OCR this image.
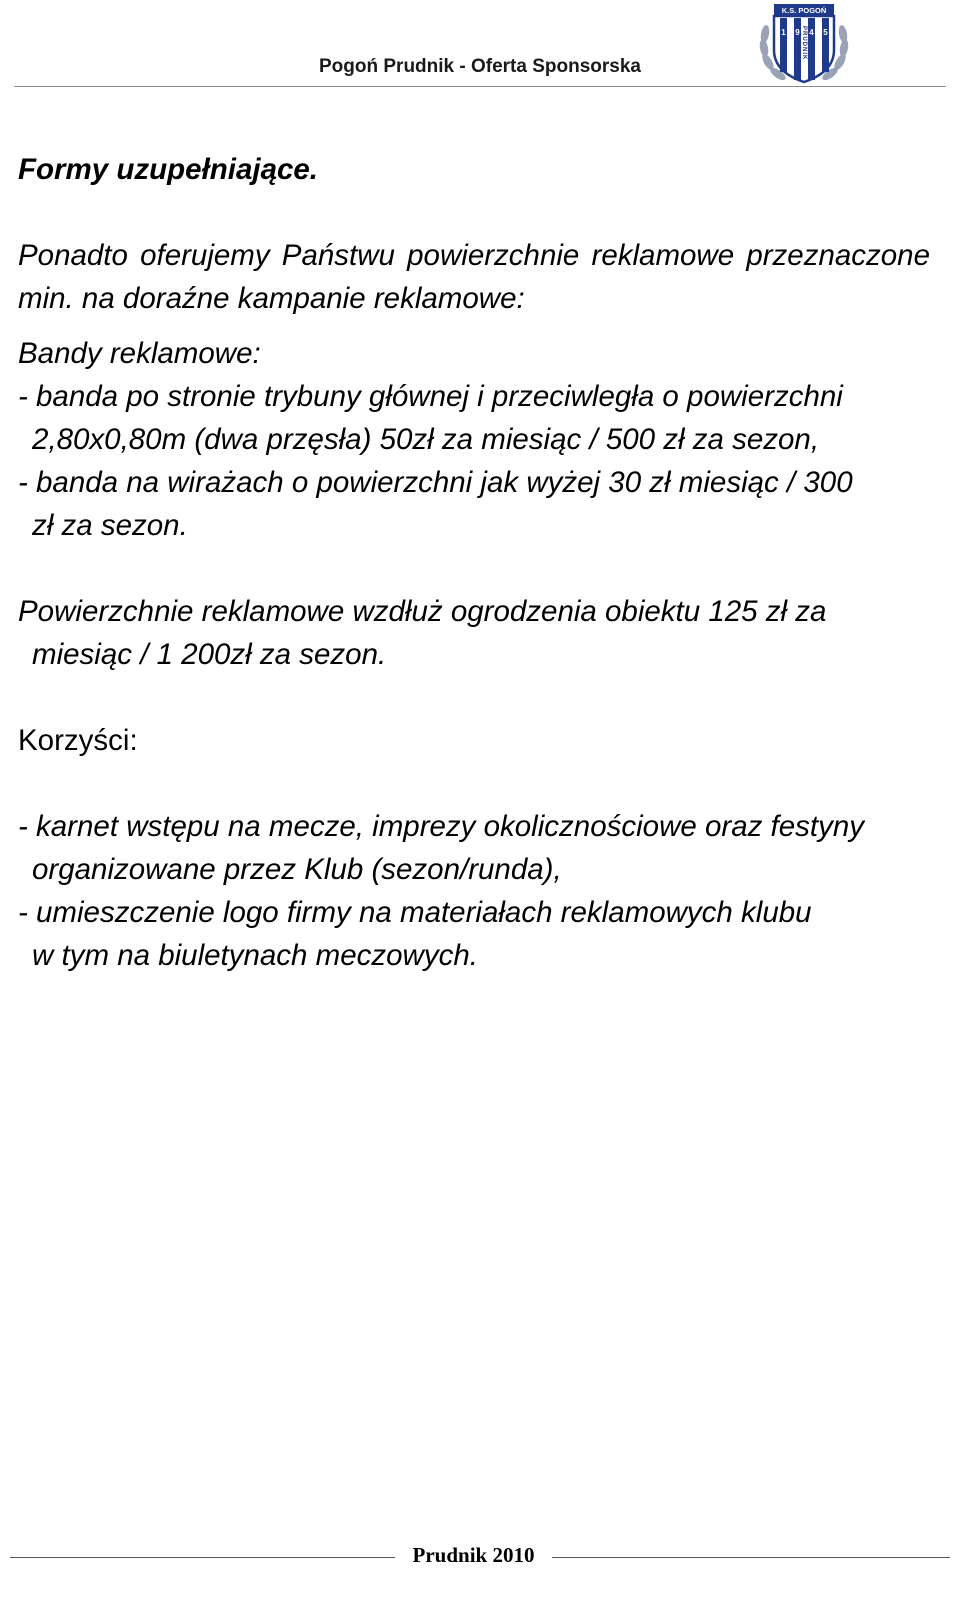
Pogoń Prudnik - Oferta Sponsorska
K.S. POGOŃ
1 9 4 5
PRUDNIK

Formy uzupełniające.

Ponadto oferujemy Państwu powierzchnie reklamowe przeznaczone min. na doraźne kampanie reklamowe:

Bandy reklamowe:

- banda po stronie trybuny głównej i przeciwległa o powierzchni
2,80x0,80m (dwa przęsła) 50zł za miesiąc / 500 zł za sezon,
- banda na wirażach o powierzchni jak wyżej 30 zł miesiąc / 300
zł za sezon.
Powierzchnie reklamowe wzdłuż ogrodzenia obiektu 125 zł za
miesiąc / 1 200zł za sezon.

Korzyści:

- karnet wstępu na mecze, imprezy okolicznościowe oraz festyny
organizowane przez Klub (sezon/runda),
- umieszczenie logo firmy na materiałach reklamowych klubu
w tym na biuletynach meczowych.
Prudnik 2010
